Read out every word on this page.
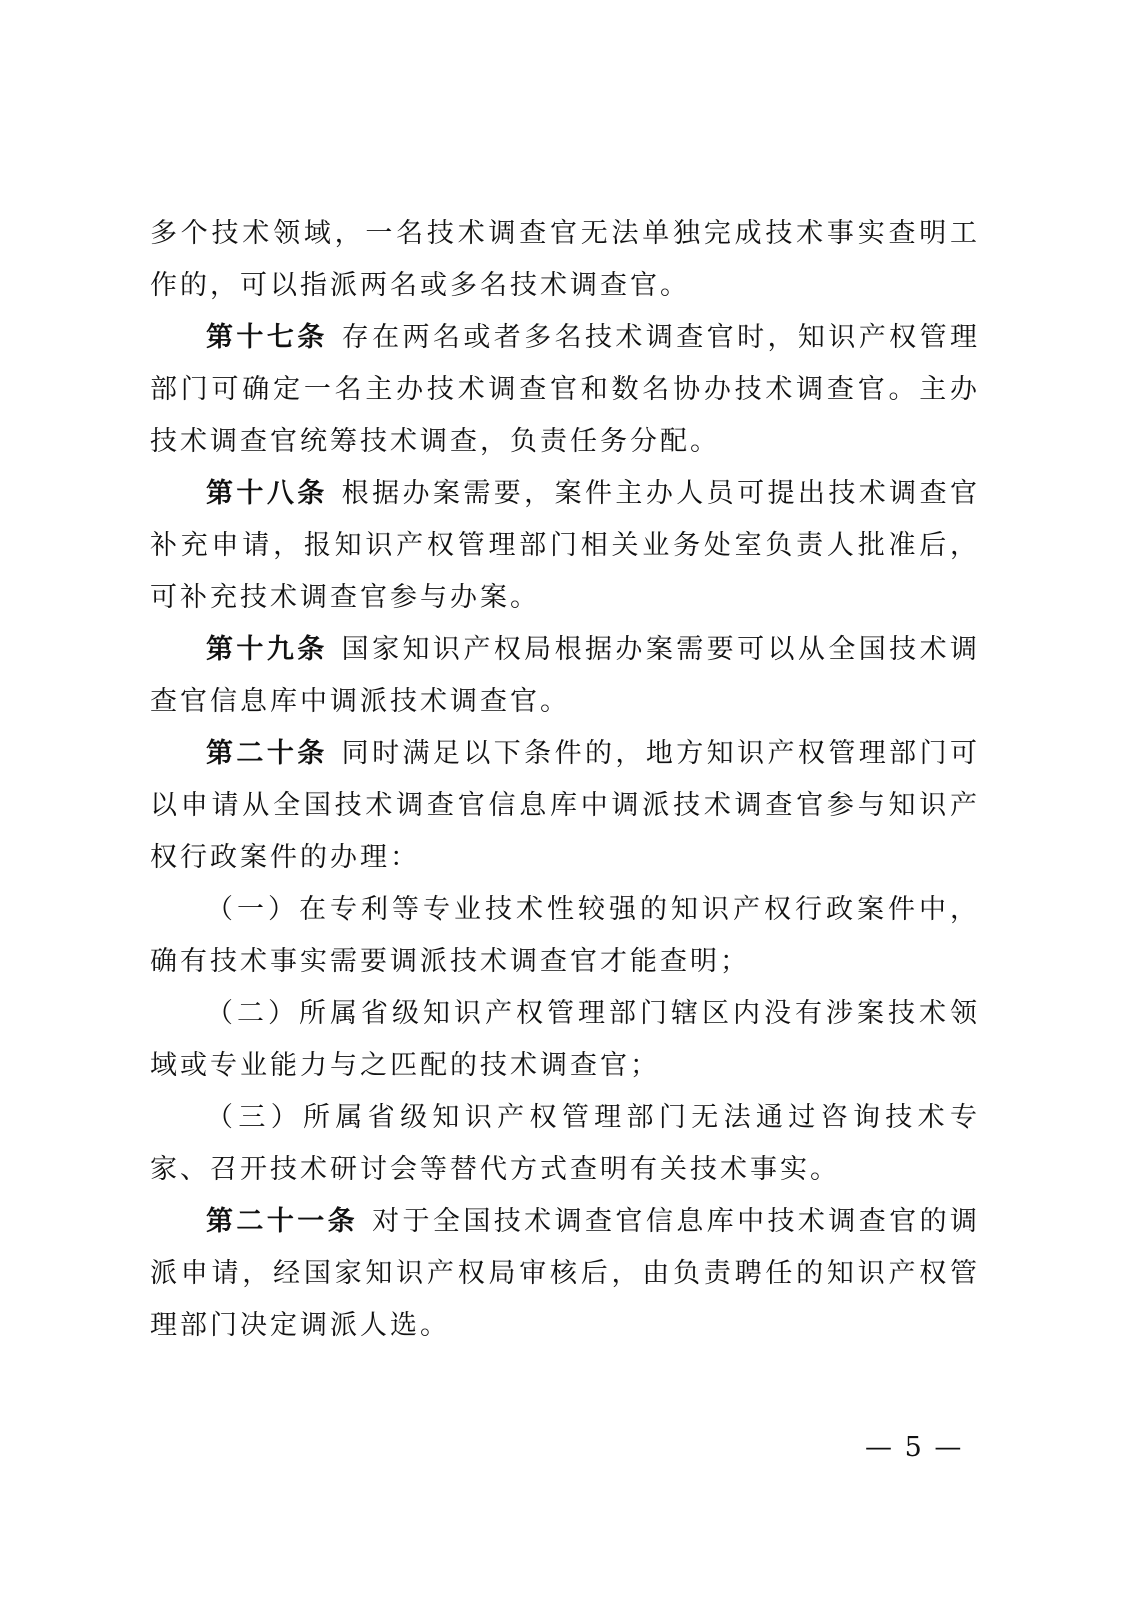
多个技术领域，一名技术调查官无法单独完成技术事实查明工作的，可以指派两名或多名技术调查官。

第十七条 存在两名或者多名技术调查官时，知识产权管理部门可确定一名主办技术调查官和数名协办技术调查官。主办技术调查官统筹技术调查，负责任务分配。

第十八条 根据办案需要，案件主办人员可提出技术调查官补充申请，报知识产权管理部门相关业务处室负责人批准后，可补充技术调查官参与办案。

第十九条 国家知识产权局根据办案需要可以从全国技术调查官信息库中调派技术调查官。

第二十条 同时满足以下条件的，地方知识产权管理部门可以申请从全国技术调查官信息库中调派技术调查官参与知识产权行政案件的办理：

（一）在专利等专业技术性较强的知识产权行政案件中，确有技术事实需要调派技术调查官才能查明；

（二）所属省级知识产权管理部门辖区内没有涉案技术领域或专业能力与之匹配的技术调查官；

（三）所属省级知识产权管理部门无法通过咨询技术专家、召开技术研讨会等替代方式查明有关技术事实。

第二十一条 对于全国技术调查官信息库中技术调查官的调派申请，经国家知识产权局审核后，由负责聘任的知识产权管理部门决定调派人选。

— 5 —
